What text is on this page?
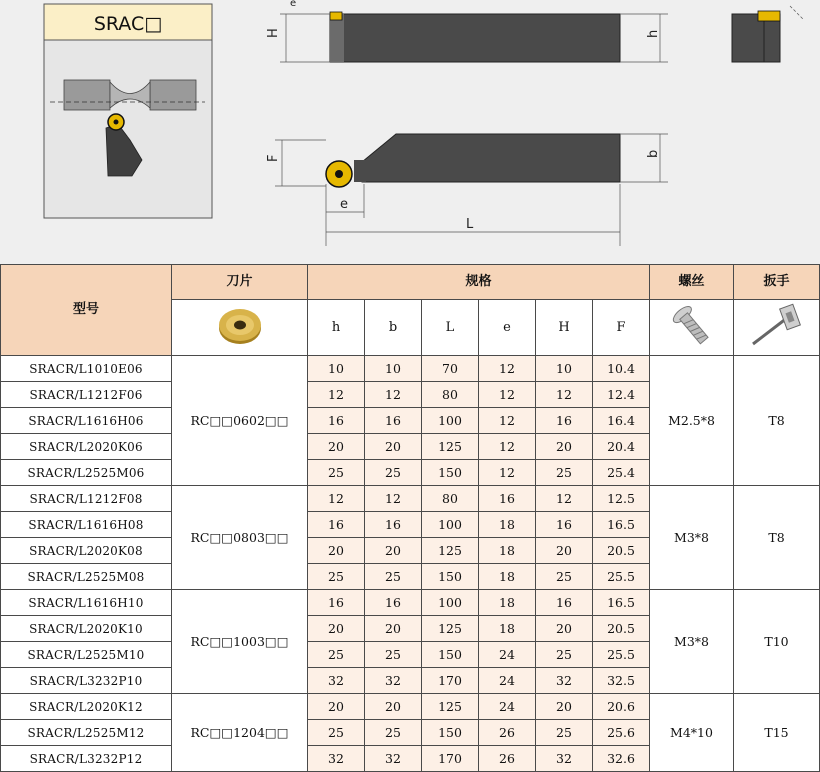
SRAC□	H	h
e
F
b
e
L
型号	刀片	规格						螺丝	扳手
	h	b	L	e	H	F		
SRACR/L1010E06	RC□□0602□□	10	10	70	12	10	10.4	M2.5*8	T8
SRACR/L1212F06		12	12	80	12	12	12.4		
SRACR/L1616H06		16	16	100	12	16	16.4		
SRACR/L2020K06		20	20	125	12	20	20.4		
SRACR/L2525M06		25	25	150	12	25	25.4		
SRACR/L1212F08	RC□□0803□□	12	12	80	16	12	12.5	M3*8	T8
SRACR/L1616H08		16	16	100	18	16	16.5		
SRACR/L2020K08		20	20	125	18	20	20.5		
SRACR/L2525M08		25	25	150	18	25	25.5		
SRACR/L1616H10	RC□□1003□□	16	16	100	18	16	16.5	M3*8	T10
SRACR/L2020K10		20	20	125	18	20	20.5		
SRACR/L2525M10		25	25	150	24	25	25.5		
SRACR/L3232P10		32	32	170	24	32	32.5		
SRACR/L2020K12	RC□□1204□□	20	20	125	24	20	20.6	M4*10	T15
SRACR/L2525M12		25	25	150	26	25	25.6		
SRACR/L3232P12		32	32	170	26	32	32.6		
